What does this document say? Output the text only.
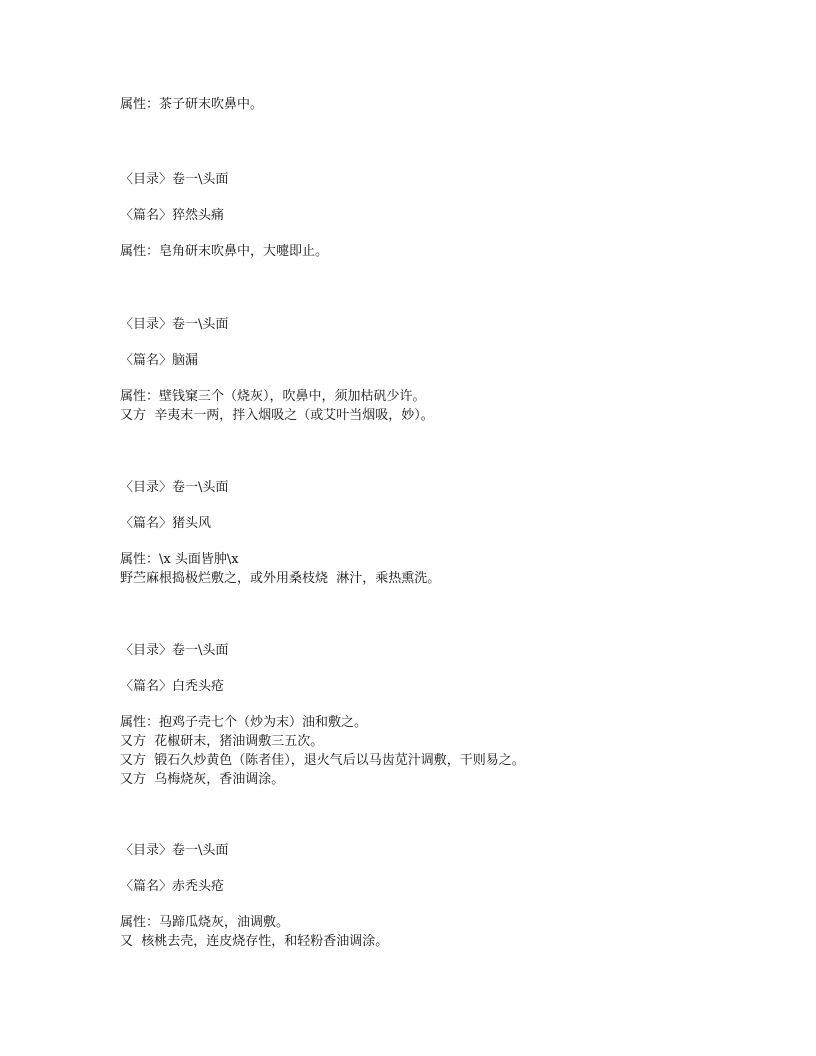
属性：茶子研末吹鼻中。
〈目录〉卷一\头面
〈篇名〉猝然头痛
属性：皂角研末吹鼻中，大嚏即止。
〈目录〉卷一\头面
〈篇名〉脑漏
属性：壁钱窠三个（烧灰），吹鼻中，须加枯矾少许。
又方  辛夷末一两，拌入烟吸之（或艾叶当烟吸，妙）。
〈目录〉卷一\头面
〈篇名〉猪头风
属性：\x 头面皆肿\x
野苎麻根捣极烂敷之，或外用桑枝烧  淋汁，乘热熏洗。
〈目录〉卷一\头面
〈篇名〉白秃头疮
属性：抱鸡子壳七个（炒为末）油和敷之。
又方  花椒研末，猪油调敷三五次。
又方  锻石久炒黄色（陈者佳），退火气后以马齿苋汁调敷，干则易之。
又方  乌梅烧灰，香油调涂。
〈目录〉卷一\头面
〈篇名〉赤秃头疮
属性：马蹄瓜烧灰，油调敷。
又  核桃去壳，连皮烧存性，和轻粉香油调涂。
